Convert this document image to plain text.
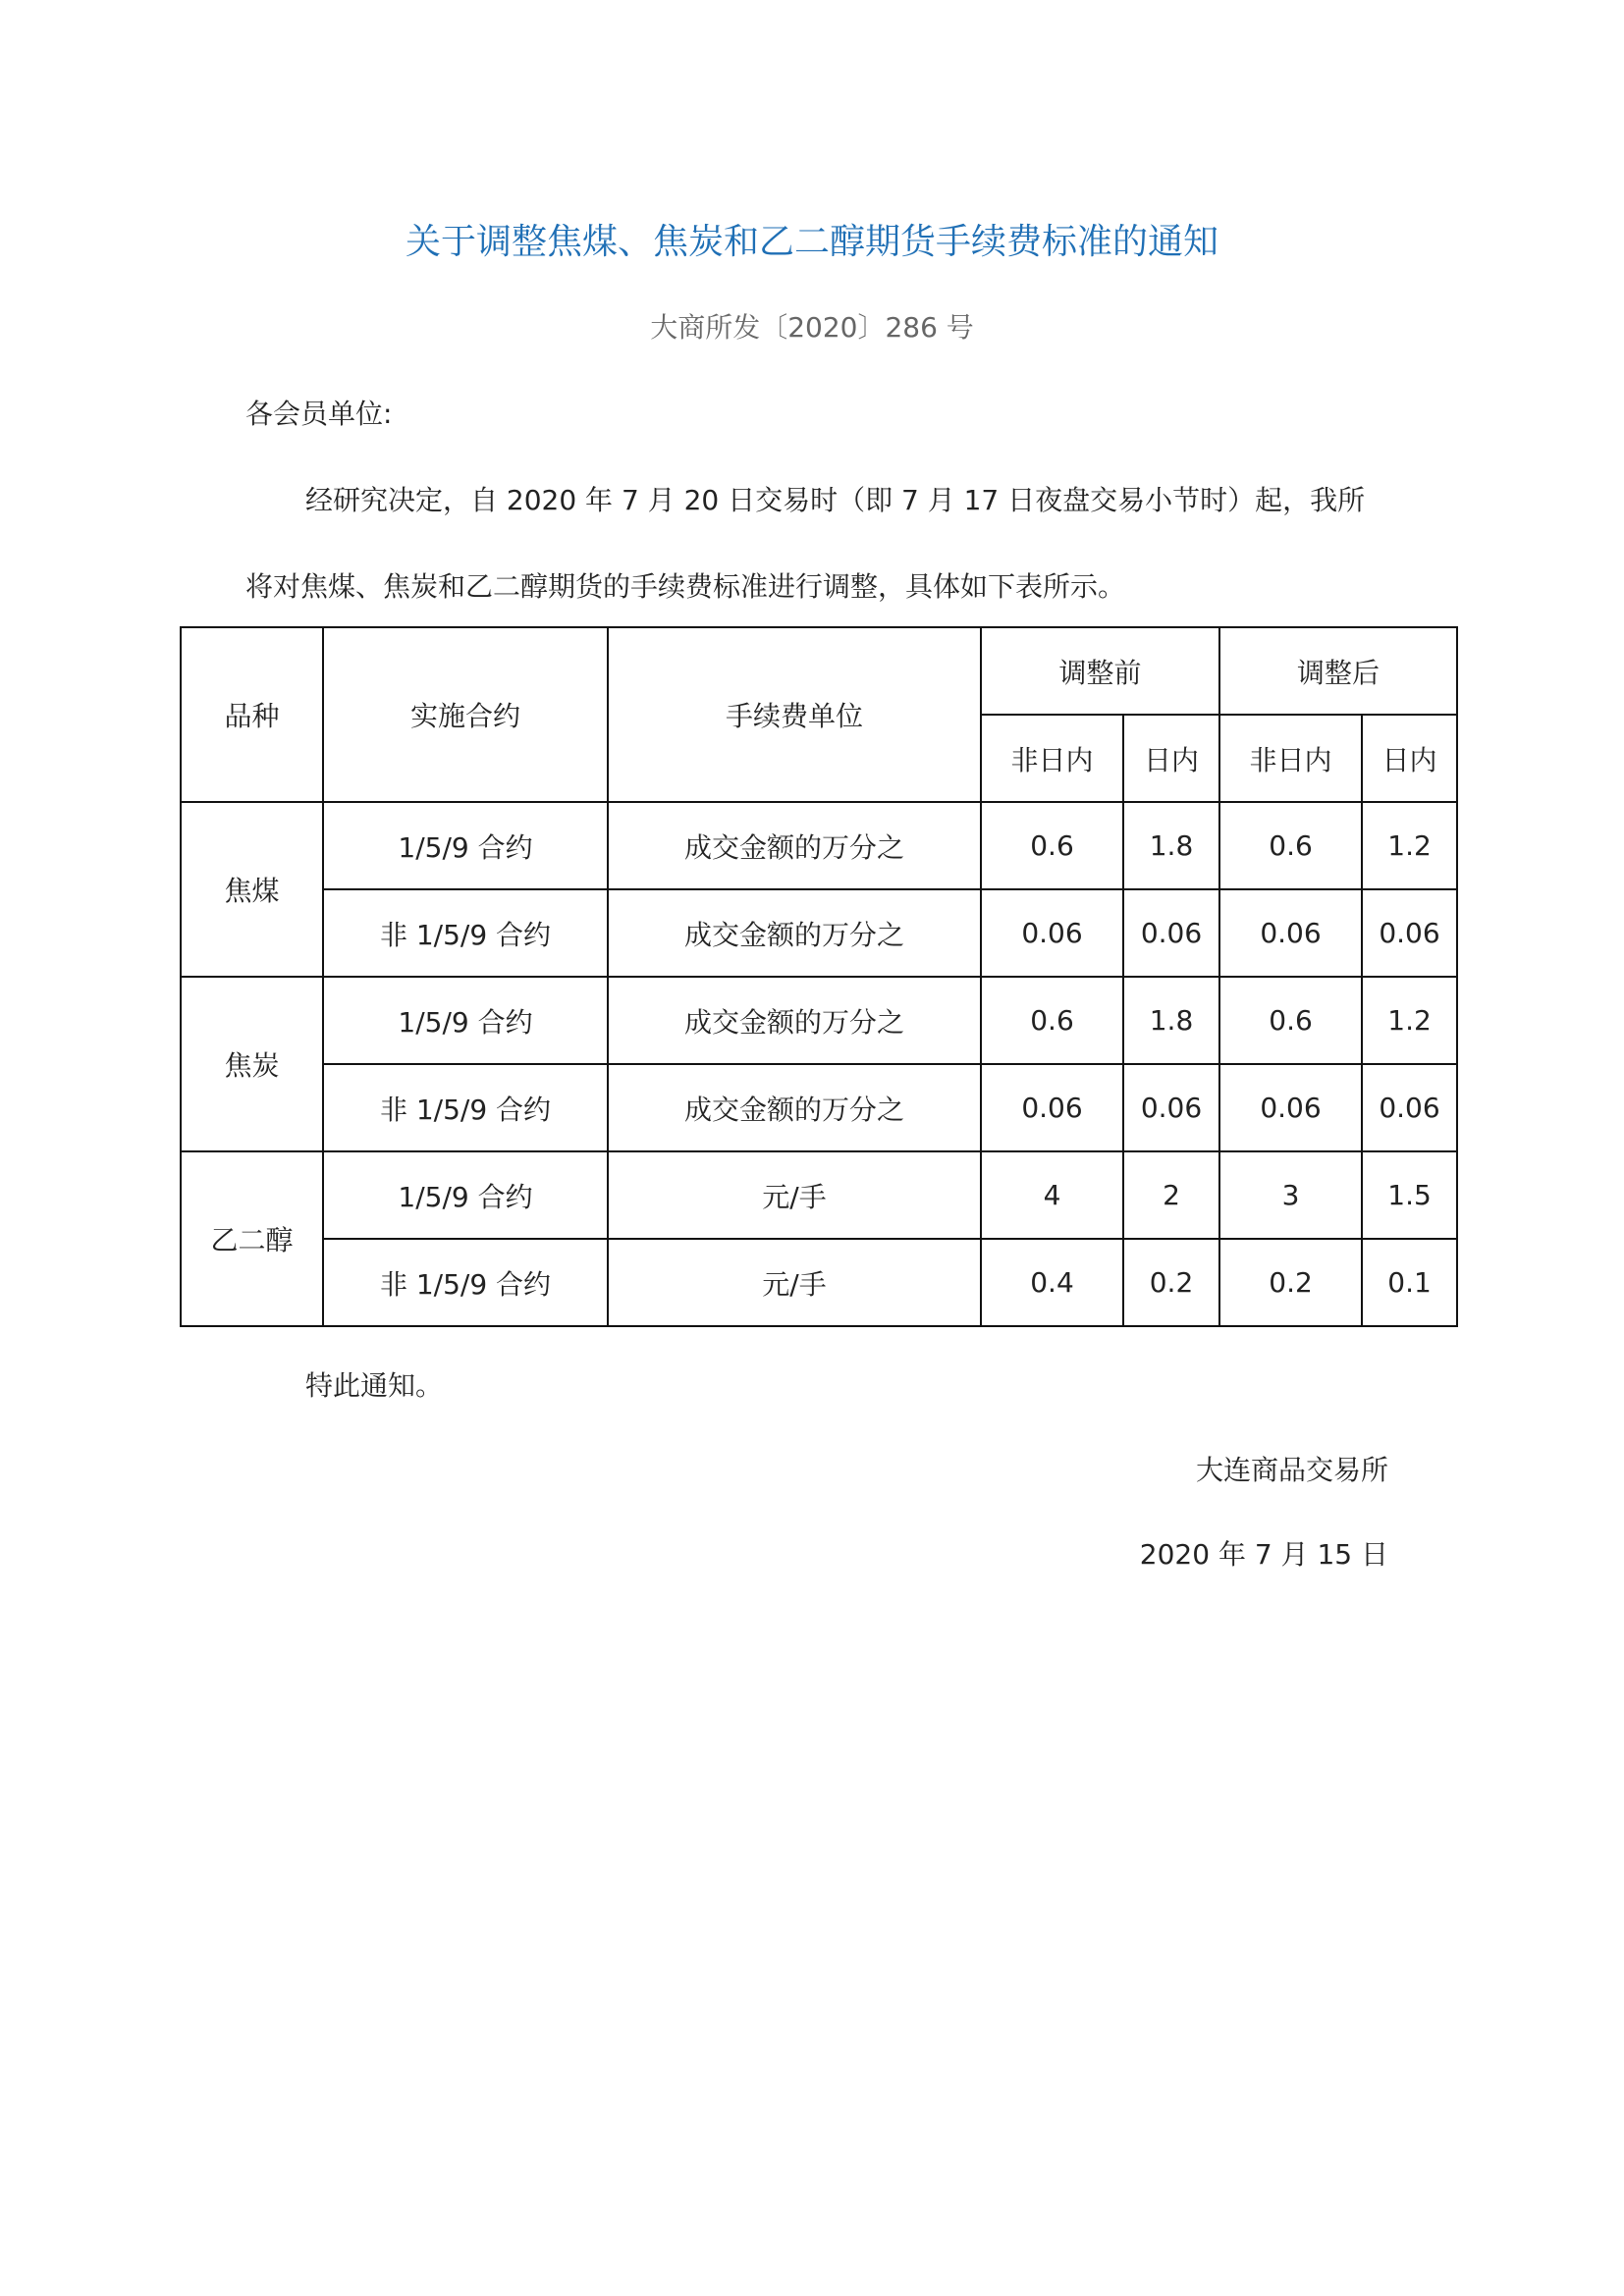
关于调整焦煤、焦炭和乙二醇期货手续费标准的通知
大商所发〔2020〕286 号
各会员单位:
经研究决定，自 2020 年 7 月 20 日交易时（即 7 月 17 日夜盘交易小节时）起，我所
将对焦煤、焦炭和乙二醇期货的手续费标准进行调整，具体如下表所示。
品种	实施合约	手续费单位	调整前		调整后	
			非日内	日内	非日内	日内
焦煤	1/5/9 合约	成交金额的万分之	0.6	1.8	0.6	1.2
	非 1/5/9 合约	成交金额的万分之	0.06	0.06	0.06	0.06
焦炭	1/5/9 合约	成交金额的万分之	0.6	1.8	0.6	1.2
	非 1/5/9 合约	成交金额的万分之	0.06	0.06	0.06	0.06
乙二醇	1/5/9 合约	元/手	4	2	3	1.5
	非 1/5/9 合约	元/手	0.4	0.2	0.2	0.1
特此通知。
大连商品交易所
2020 年 7 月 15 日
